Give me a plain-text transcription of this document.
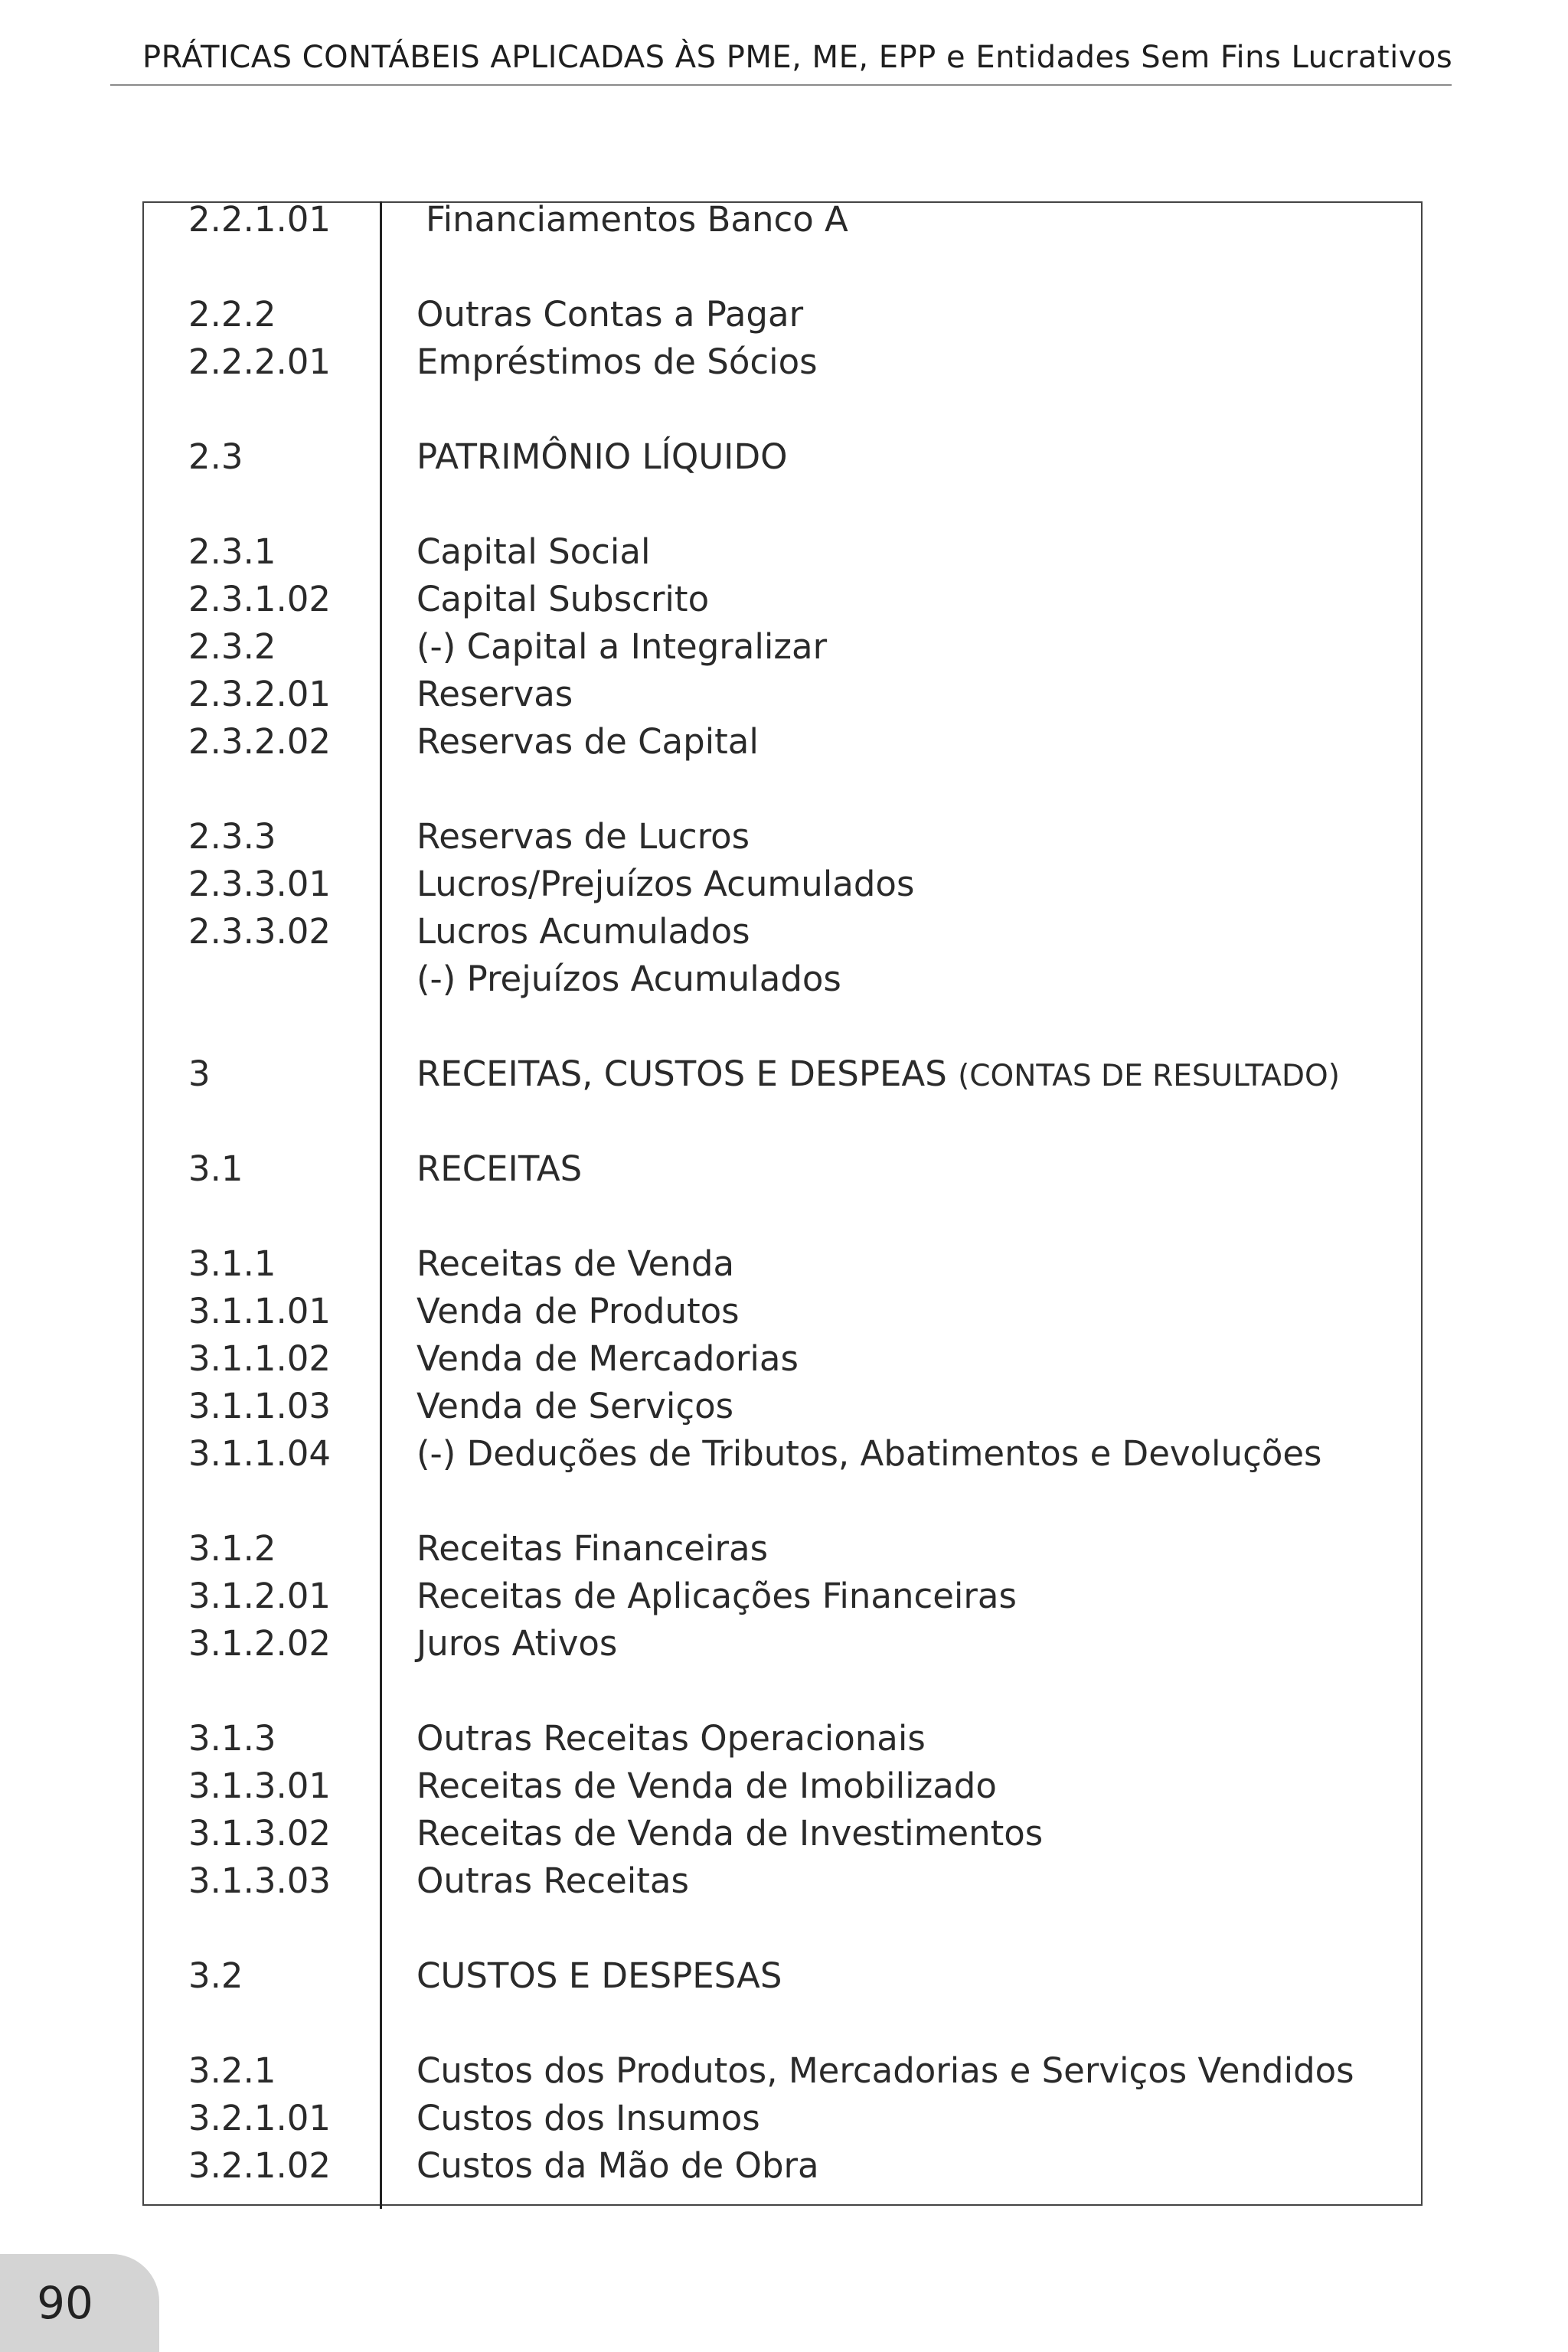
PRÁTICAS CONTÁBEIS APLICADAS ÀS PME, ME, EPP e Entidades Sem Fins Lucrativos
2.2.1.01	Financiamentos Banco A
2.2.2	Outras Contas a Pagar
2.2.2.01 Empréstimos de Sócios
2.3	PATRIMÔNIO LÍQUIDO
2.3.1	Capital Social
2.3.1.02 Capital Subscrito
2.3.2	(-) Capital a Integralizar
2.3.2.01 Reservas
2.3.2.02 Reservas de Capital
2.3.3	Reservas de Lucros
2.3.3.01 Lucros/Prejuízos Acumulados
2.3.3.02 Lucros Acumulados
(-) Prejuízos Acumulados
3	RECEITAS, CUSTOS E DESPEAS (CONTAS DE RESULTADO)
3.1	RECEITAS
3.1.1	Receitas de Venda
3.1.1.01 Venda de Produtos
3.1.1.02 Venda de Mercadorias
3.1.1.03 Venda de Serviços
3.1.1.04 (-) Deduções de Tributos, Abatimentos e Devoluções
3.1.2	Receitas Financeiras
3.1.2.01 Receitas de Aplicações Financeiras
3.1.2.02 Juros Ativos
3.1.3	Outras Receitas Operacionais
3.1.3.01 Receitas de Venda de Imobilizado
3.1.3.02 Receitas de Venda de Investimentos
3.1.3.03 Outras Receitas
3.2	CUSTOS E DESPESAS
3.2.1	Custos dos Produtos, Mercadorias e Serviços Vendidos
3.2.1.01 Custos dos Insumos
3.2.1.02 Custos da Mão de Obra
90
